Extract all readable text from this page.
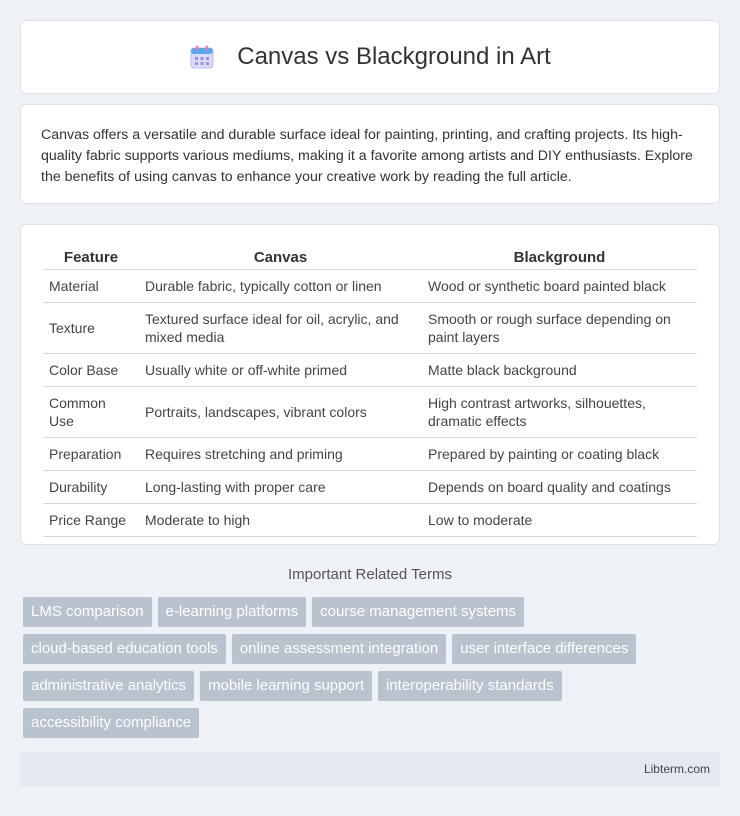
Canvas vs Blackground in Art

Canvas offers a versatile and durable surface ideal for painting, printing, and crafting projects. Its high-quality fabric supports various mediums, making it a favorite among artists and DIY enthusiasts. Explore the benefits of using canvas to enhance your creative work by reading the full article.

Feature	Canvas	Blackground
Material	Durable fabric, typically cotton or linen	Wood or synthetic board painted black
Texture	Textured surface ideal for oil, acrylic, and mixed media	Smooth or rough surface depending on paint layers
Color Base	Usually white or off-white primed	Matte black background
Common Use	Portraits, landscapes, vibrant colors	High contrast artworks, silhouettes, dramatic effects
Preparation	Requires stretching and priming	Prepared by painting or coating black
Durability	Long-lasting with proper care	Depends on board quality and coatings
Price Range	Moderate to high	Low to moderate
Important Related Terms
LMS comparison	e-learning platforms	course management systems
cloud-based education tools	online assessment integration	user interface differences
administrative analytics	mobile learning support	interoperability standards
accessibility compliance
Libterm.com
